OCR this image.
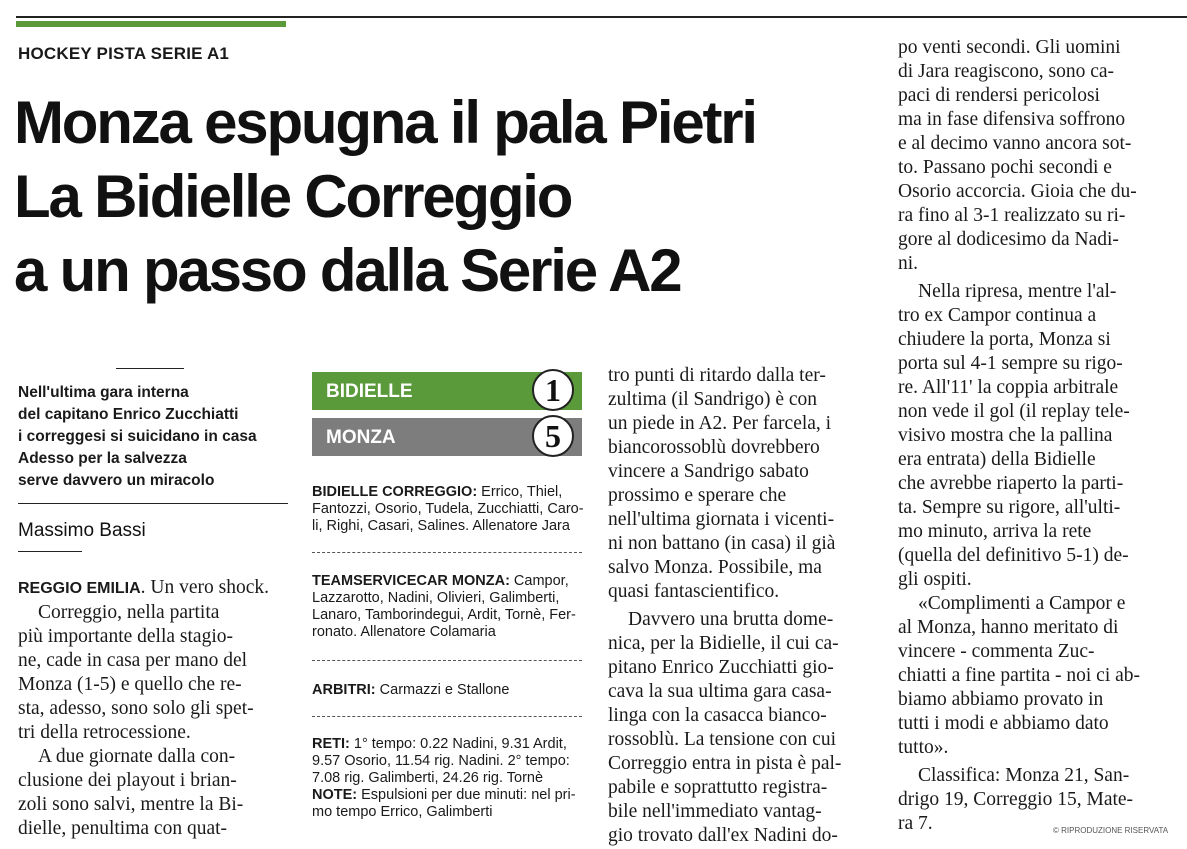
HOCKEY PISTA SERIE A1
Monza espugna il pala Pietri
La Bidielle Correggio
a un passo dalla Serie A2
Nell'ultima gara interna
del capitano Enrico Zucchiatti
i correggesi si suicidano in casa
Adesso per la salvezza
serve davvero un miracolo
Massimo Bassi
REGGIO EMILIA. Un vero shock.
Correggio, nella partita
più importante della stagio-
ne, cade in casa per mano del
Monza (1-5) e quello che re-
sta, adesso, sono solo gli spet-
tri della retrocessione.
A due giornate dalla con-
clusione dei playout i brian-
zoli sono salvi, mentre la Bi-
dielle, penultima con quat-
BIDIELLE	1
MONZA	5
BIDIELLE CORREGGIO: Errico, Thiel,
Fantozzi, Osorio, Tudela, Zucchiatti, Caro-
li, Righi, Casari, Salines. Allenatore Jara
TEAMSERVICECAR MONZA: Campor,
Lazzarotto, Nadini, Olivieri, Galimberti,
Lanaro, Tamborindegui, Ardit, Tornè, Fer-
ronato. Allenatore Colamaria
ARBITRI: Carmazzi e Stallone
RETI: 1° tempo: 0.22 Nadini, 9.31 Ardit,
9.57 Osorio, 11.54 rig. Nadini. 2° tempo:
7.08 rig. Galimberti, 24.26 rig. Tornè
NOTE: Espulsioni per due minuti: nel pri-
mo tempo Errico, Galimberti
tro punti di ritardo dalla ter-
zultima (il Sandrigo) è con
un piede in A2. Per farcela, i
biancorossoblù dovrebbero
vincere a Sandrigo sabato
prossimo e sperare che
nell'ultima giornata i vicenti-
ni non battano (in casa) il già
salvo Monza. Possibile, ma
quasi fantascientifico.
Davvero una brutta dome-
nica, per la Bidielle, il cui ca-
pitano Enrico Zucchiatti gio-
cava la sua ultima gara casa-
linga con la casacca bianco-
rossoblù. La tensione con cui
Correggio entra in pista è pal-
pabile e soprattutto registra-
bile nell'immediato vantag-
gio trovato dall'ex Nadini do-
po venti secondi. Gli uomini
di Jara reagiscono, sono ca-
paci di rendersi pericolosi
ma in fase difensiva soffrono
e al decimo vanno ancora sot-
to. Passano pochi secondi e
Osorio accorcia. Gioia che du-
ra fino al 3-1 realizzato su ri-
gore al dodicesimo da Nadi-
ni.
Nella ripresa, mentre l'al-
tro ex Campor continua a
chiudere la porta, Monza si
porta sul 4-1 sempre su rigo-
re. All'11' la coppia arbitrale
non vede il gol (il replay tele-
visivo mostra che la pallina
era entrata) della Bidielle
che avrebbe riaperto la parti-
ta. Sempre su rigore, all'ulti-
mo minuto, arriva la rete
(quella del definitivo 5-1) de-
gli ospiti.
«Complimenti a Campor e
al Monza, hanno meritato di
vincere - commenta Zuc-
chiatti a fine partita - noi ci ab-
biamo abbiamo provato in
tutti i modi e abbiamo dato
tutto».
Classifica: Monza 21, San-
drigo 19, Correggio 15, Mate-
ra 7.	© RIPRODUZIONE RISERVATA
